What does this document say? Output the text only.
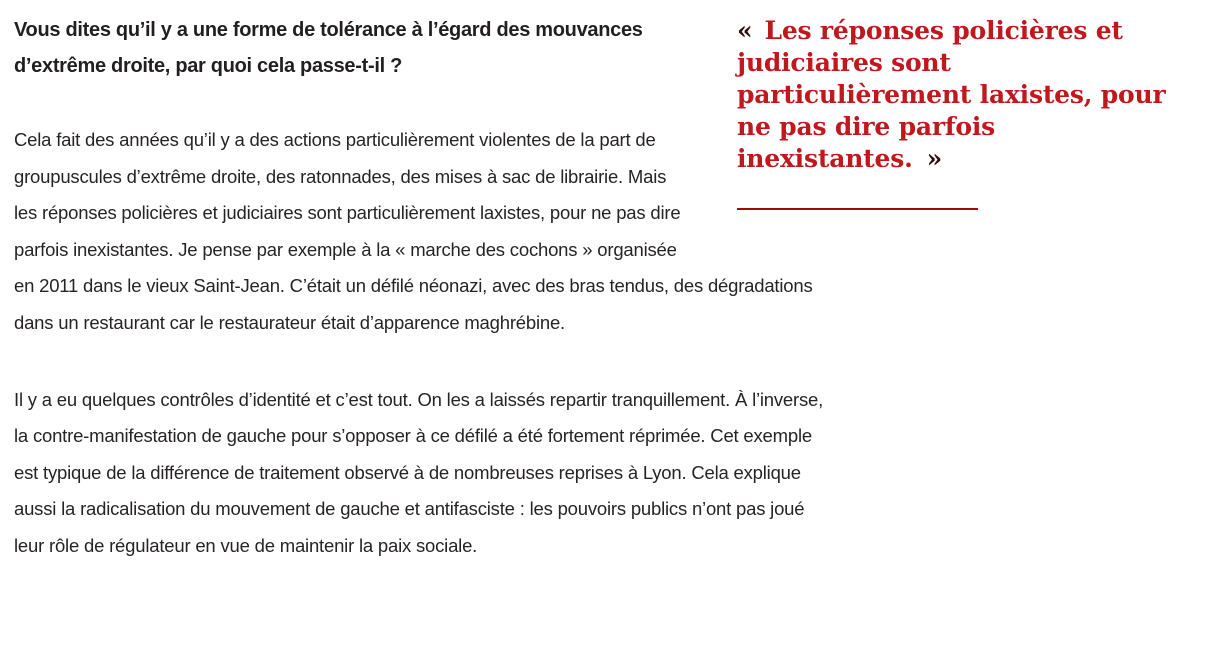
« Les réponses policières et judiciaires sont particulièrement laxistes, pour ne pas dire parfois inexistantes. »
Vous dites qu’il y a une forme de tolérance à l’égard des mouvances d’extrême droite, par quoi cela passe-t-il ?

Cela fait des années qu’il y a des actions particulièrement violentes de la part de groupuscules d’extrême droite, des ratonnades, des mises à sac de librairie. Mais les réponses policières et judiciaires sont particulièrement laxistes, pour ne pas dire parfois inexistantes. Je pense par exemple à la « marche des cochons » organisée en 2011 dans le vieux Saint-Jean. C’était un défilé néonazi, avec des bras tendus, des dégradations dans un restaurant car le restaurateur était d’apparence maghrébine.

Il y a eu quelques contrôles d’identité et c’est tout. On les a laissés repartir tranquillement. À l’inverse, la contre-manifestation de gauche pour s’opposer à ce défilé a été fortement réprimée. Cet exemple est typique de la différence de traitement observé à de nombreuses reprises à Lyon. Cela explique aussi la radicalisation du mouvement de gauche et antifasciste : les pouvoirs publics n’ont pas joué leur rôle de régulateur en vue de maintenir la paix sociale.
